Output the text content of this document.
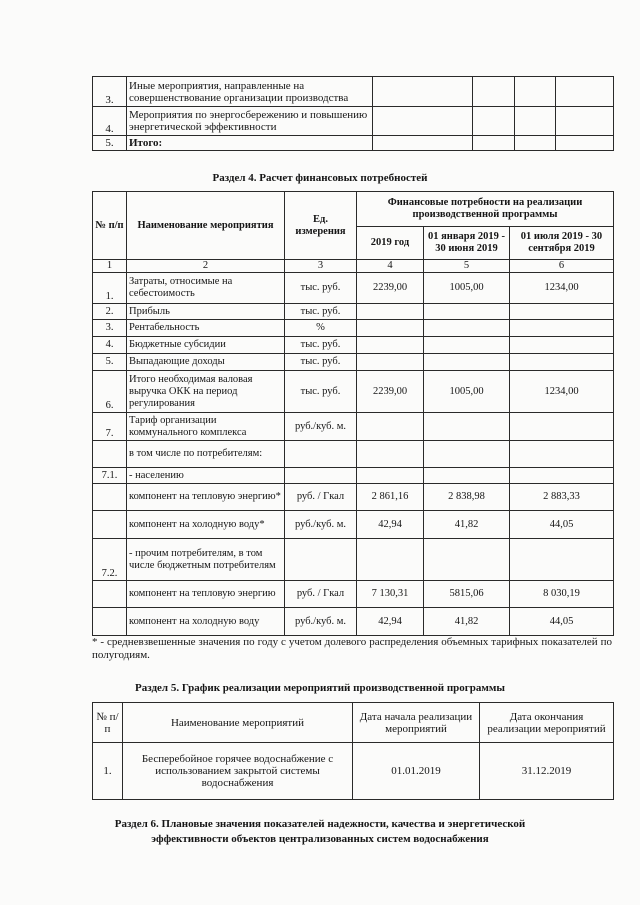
3.	Иные мероприятия, направленные на совершенствование организации производства				
4.	Мероприятия по энергосбережению и повышению энергетической эффективности				
5.	Итого:				
Раздел 4. Расчет финансовых потребностей
№ п/п	Наименование мероприятия	Ед. измерения	Финансовые потребности на реализации производственной программы		
			2019 год	01 января 2019 - 30 июня 2019	01 июля 2019 - 30 сентября 2019
1	2	3	4	5	6
1.	Затраты, относимые на себестоимость	тыс. руб.	2239,00	1005,00	1234,00
2.	Прибыль	тыс. руб.			
3.	Рентабельность	%			
4.	Бюджетные субсидии	тыс. руб.			
5.	Выпадающие доходы	тыс. руб.			
6.	Итого необходимая валовая выручка ОКК на период регулирования	тыс. руб.	2239,00	1005,00	1234,00
7.	Тариф организации коммунального комплекса	руб./куб. м.			
	в том числе по потребителям:				
7.1.	- населению				
	компонент на тепловую энергию*	руб. / Гкал	2 861,16	2 838,98	2 883,33
	компонент на холодную воду*	руб./куб. м.	42,94	41,82	44,05
7.2.	- прочим потребителям, в том числе бюджетным потребителям				
	компонент на тепловую энергию	руб. / Гкал	7 130,31	5815,06	8 030,19
	компонент на холодную воду	руб./куб. м.	42,94	41,82	44,05
* - средневзвешенные значения по году с учетом долевого распределения объемных тарифных показателей по полугодиям.
Раздел 5. График реализации мероприятий производственной программы
№ п/п	Наименование мероприятий	Дата начала реализации мероприятий	Дата окончания реализации мероприятий
1.	Бесперебойное горячее водоснабжение с использованием закрытой системы водоснабжения	01.01.2019	31.12.2019
Раздел 6. Плановые значения показателей надежности, качества и энергетической
эффективности объектов централизованных систем водоснабжения
